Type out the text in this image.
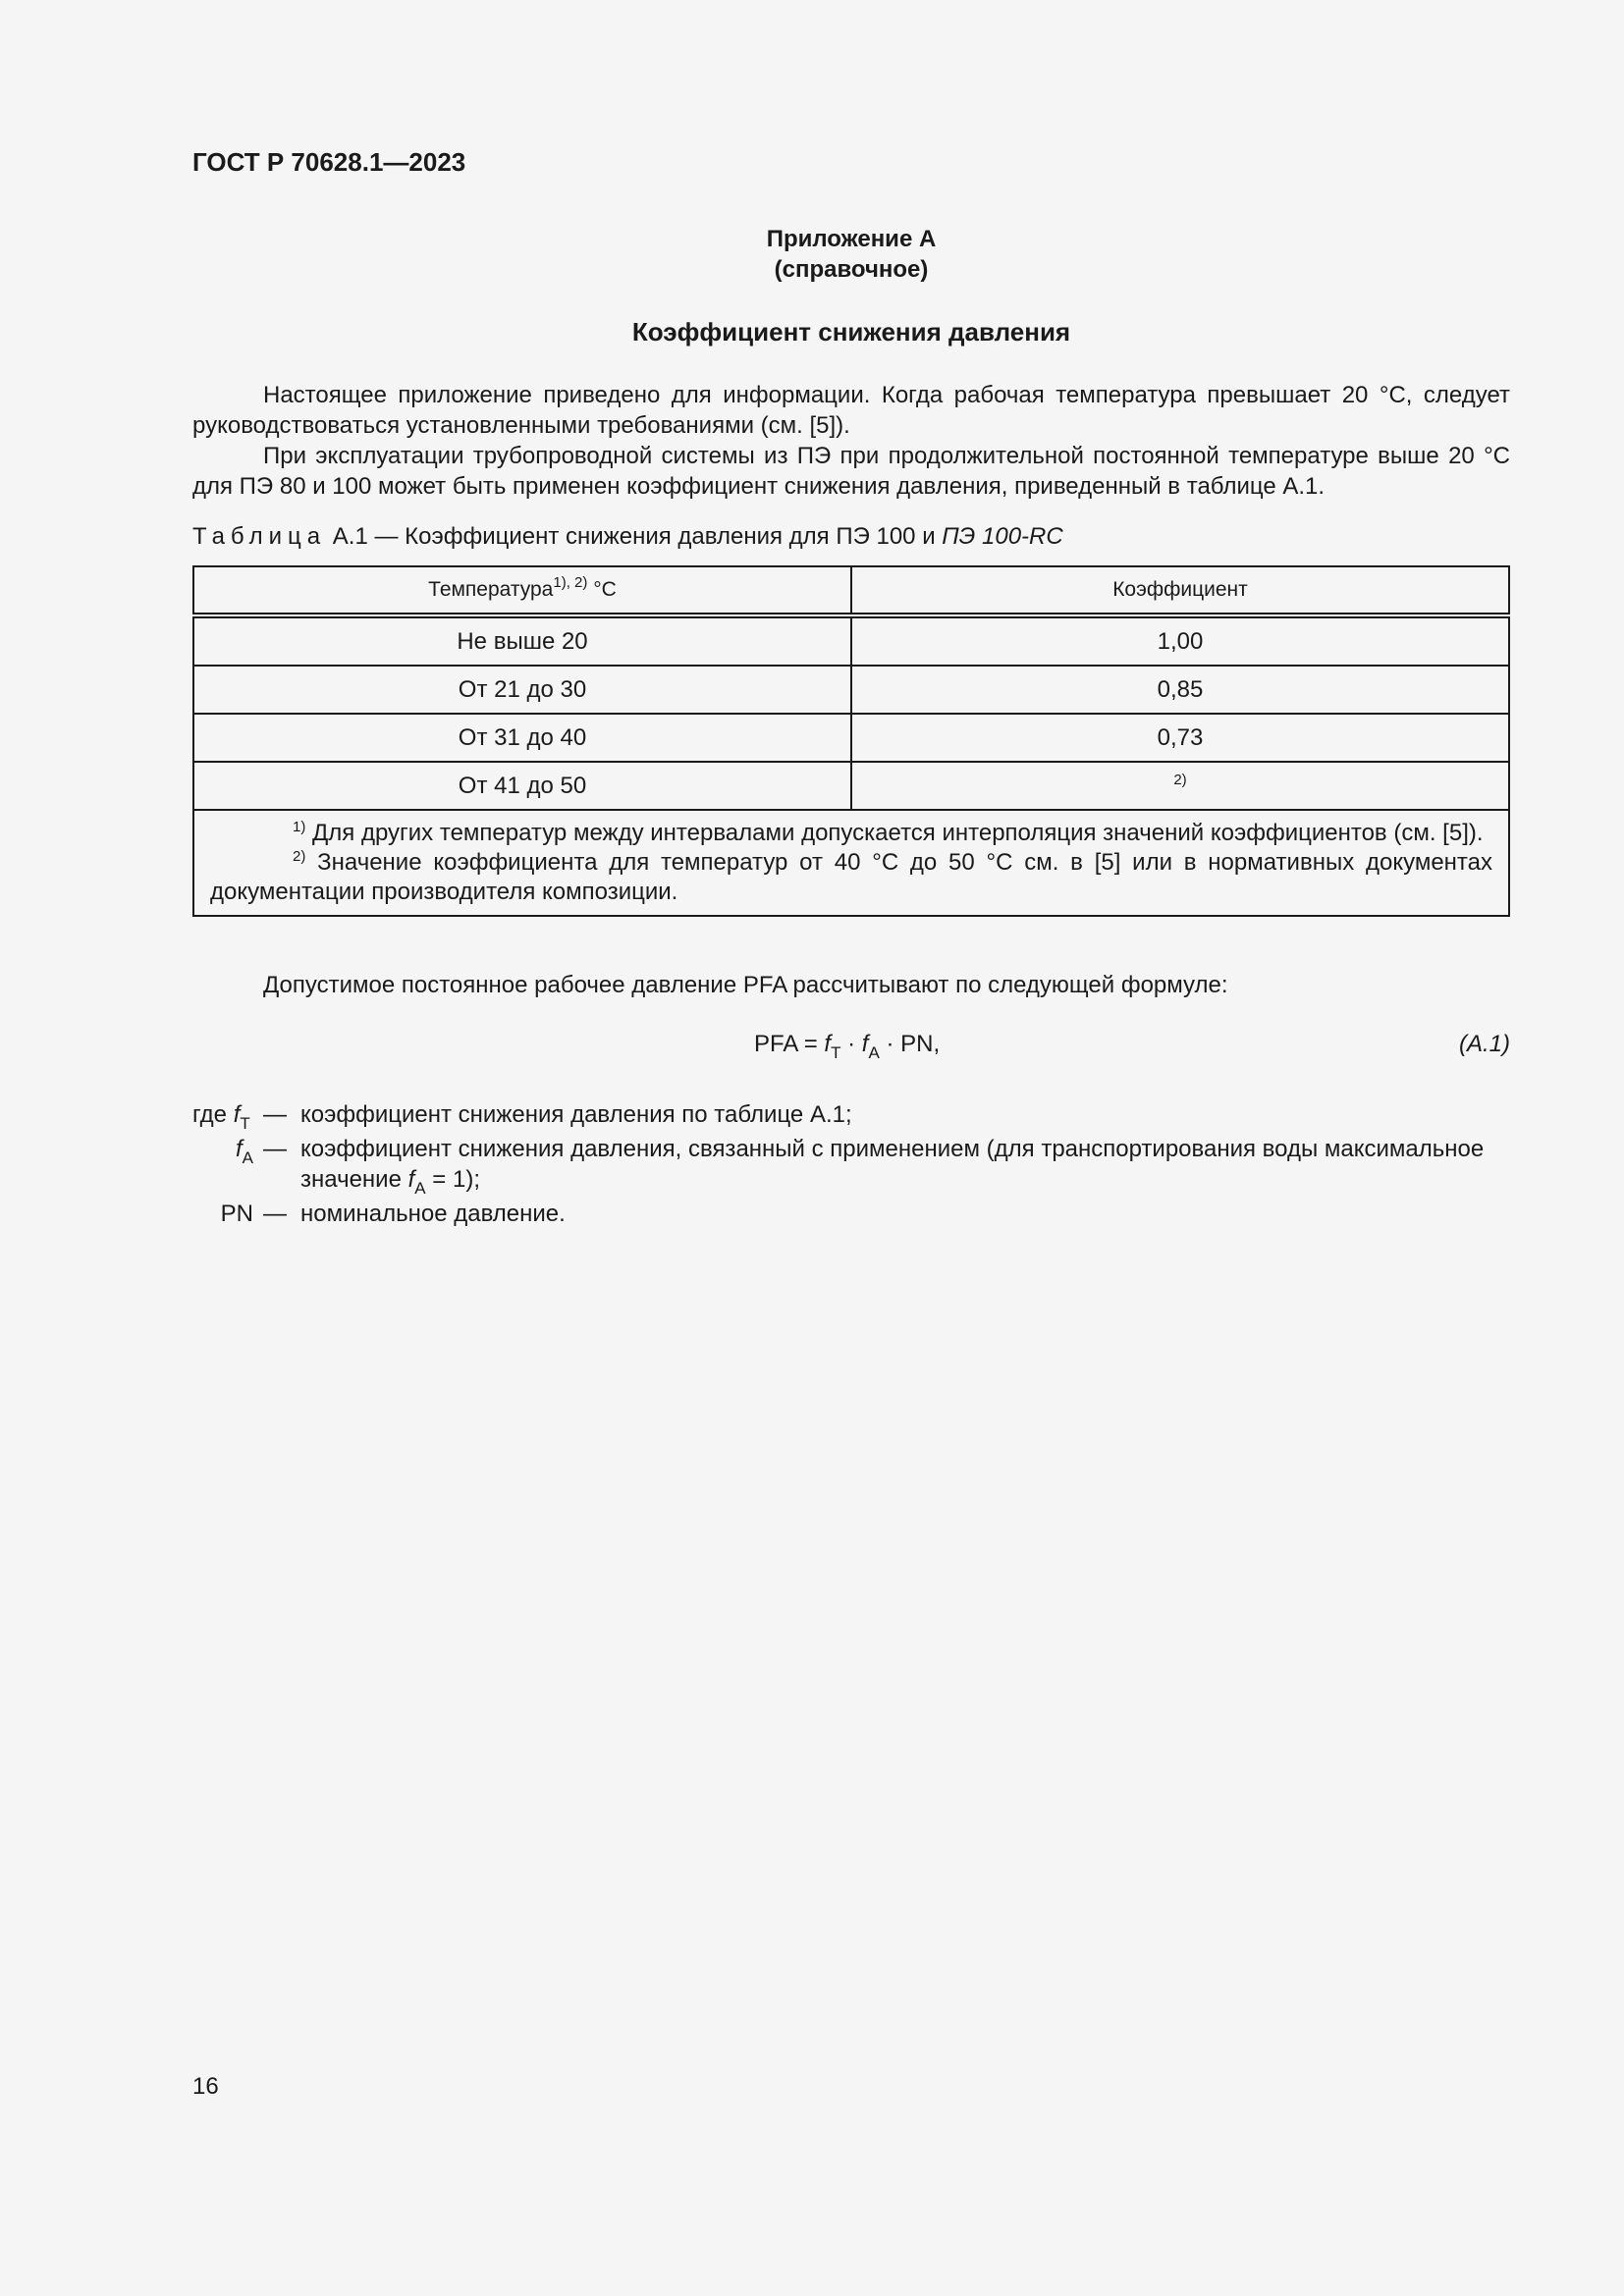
ГОСТ Р 70628.1—2023
Приложение А
(справочное)
Коэффициент снижения давления

Настоящее приложение приведено для информации. Когда рабочая температура превышает 20 °С, следует руководствоваться установленными требованиями (см. [5]).

При эксплуатации трубопроводной системы из ПЭ при продолжительной постоянной температуре выше 20 °С для ПЭ 80 и 100 может быть применен коэффициент снижения давления, приведенный в таблице А.1.

Таблица А.1 — Коэффициент снижения давления для ПЭ 100 и ПЭ 100-RC
Температура$^{1), 2)}$ °С	Коэффициент
Не выше 20	1,00
От 21 до 30	0,85
От 31 до 40	0,73
От 41 до 50	$^{2)}$

$^{1)}$ Для других температур между интервалами допускается интерполяция значений коэффициентов (см. [5]).

$^{2)}$ Значение коэффициента для температур от 40 °С до 50 °С см. в [5] или в нормативных документах документации производителя композиции.	

Допустимое постоянное рабочее давление PFA рассчитывают по следующей формуле:
PFA = $f_T \cdot f_A$ · PN,	(A.1)
где $f_T$ — коэффициент снижения давления по таблице А.1;
$f_A$ — коэффициент снижения давления, связанный с применением (для транспортирования воды максимальное значение $f_A = 1$);
PN — номинальное давление.
16
